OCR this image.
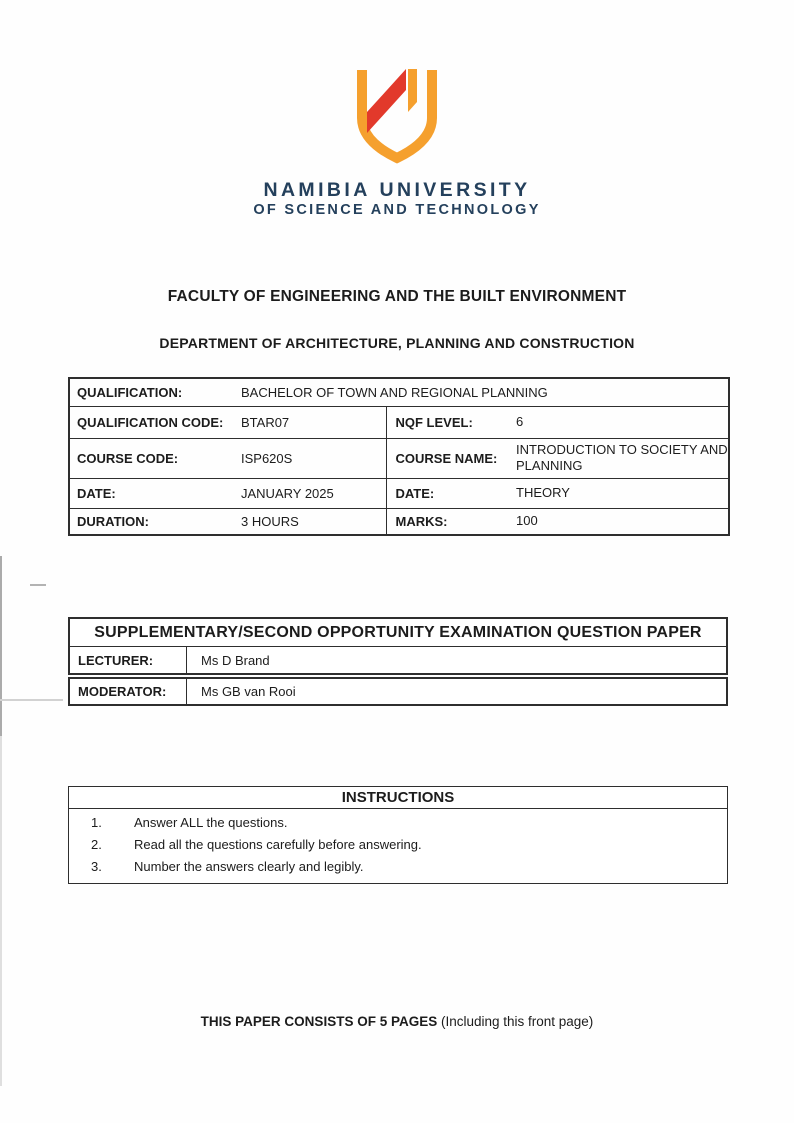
ΝΑΜΙΒΙΑ UΝΙVERSITY
OF SCIEΝCE AΝD TECHΝOLOGY
FACULTY OF ENGINEERING AND THE BUILT ENVIRONMENT
DEPARTMENT OF ARCHITECTURE, PLANNING AND CONSTRUCTION
QUALIFICATION:	BACHELOR OF TOWN AND REGIONAL PLANNING		
QUALIFICATION CODE:	BTAR07	NQF LEVEL:	6
COURSE CODE:	ISP620S	COURSE NAME:	INTRODUCTION TO SOCIETY AND PLANNING
DATE:	JANUARY 2025	DATE:	THEORY
DURATION:	3 HOURS	MARKS:	100
SUPPLEMENTARY/SECOND OPPORTUNITY EXAMINATION QUESTION PAPER
LECTURER:	Ms D Brand
MODERATOR:	Ms GB van Rooi
INSTRUCTIONS
1.	Answer ALL the questions.
2.	Read all the questions carefully before answering.
3.	Number the answers clearly and legibly.
THIS PAPER CONSISTS OF 5 PAGES (Including this front page)
